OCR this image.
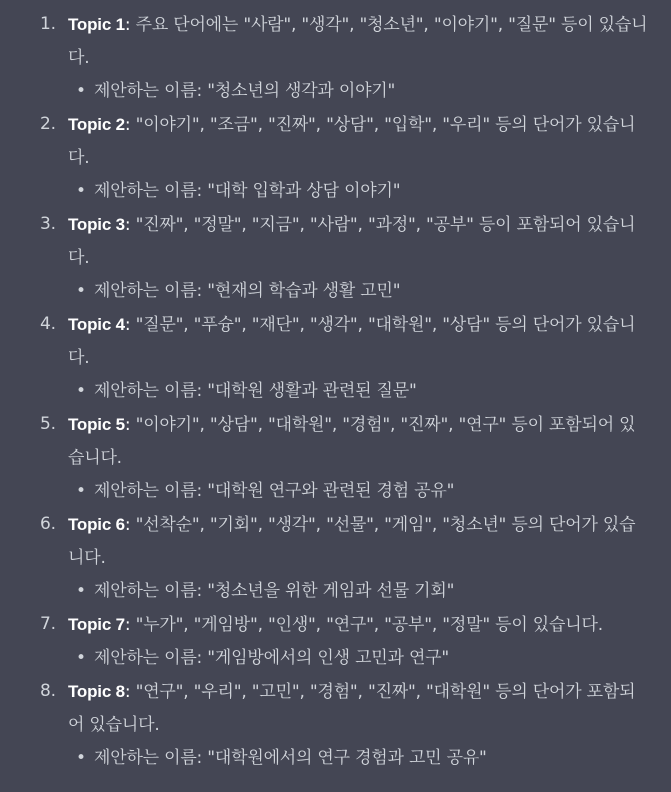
1. Topic 1: 주요 단어에는 "사람", "생각", "청소년", "이야기", "질문" 등이 있습니다.
• 제안하는 이름: "청소년의 생각과 이야기"
2. Topic 2: "이야기", "조금", "진짜", "상담", "입학", "우리" 등의 단어가 있습니다.
• 제안하는 이름: "대학 입학과 상담 이야기"
3. Topic 3: "진짜", "정말", "지금", "사람", "과정", "공부" 등이 포함되어 있습니다.
• 제안하는 이름: "현재의 학습과 생활 고민"
4. Topic 4: "질문", "푸슝", "재단", "생각", "대학원", "상담" 등의 단어가 있습니다.
• 제안하는 이름: "대학원 생활과 관련된 질문"
5. Topic 5: "이야기", "상담", "대학원", "경험", "진짜", "연구" 등이 포함되어 있습니다.
• 제안하는 이름: "대학원 연구와 관련된 경험 공유"
6. Topic 6: "선착순", "기회", "생각", "선물", "게임", "청소년" 등의 단어가 있습니다.
• 제안하는 이름: "청소년을 위한 게임과 선물 기회"
7. Topic 7: "누가", "게임방", "인생", "연구", "공부", "정말" 등이 있습니다.
• 제안하는 이름: "게임방에서의 인생 고민과 연구"
8. Topic 8: "연구", "우리", "고민", "경험", "진짜", "대학원" 등의 단어가 포함되어 있습니다.
• 제안하는 이름: "대학원에서의 연구 경험과 고민 공유"
